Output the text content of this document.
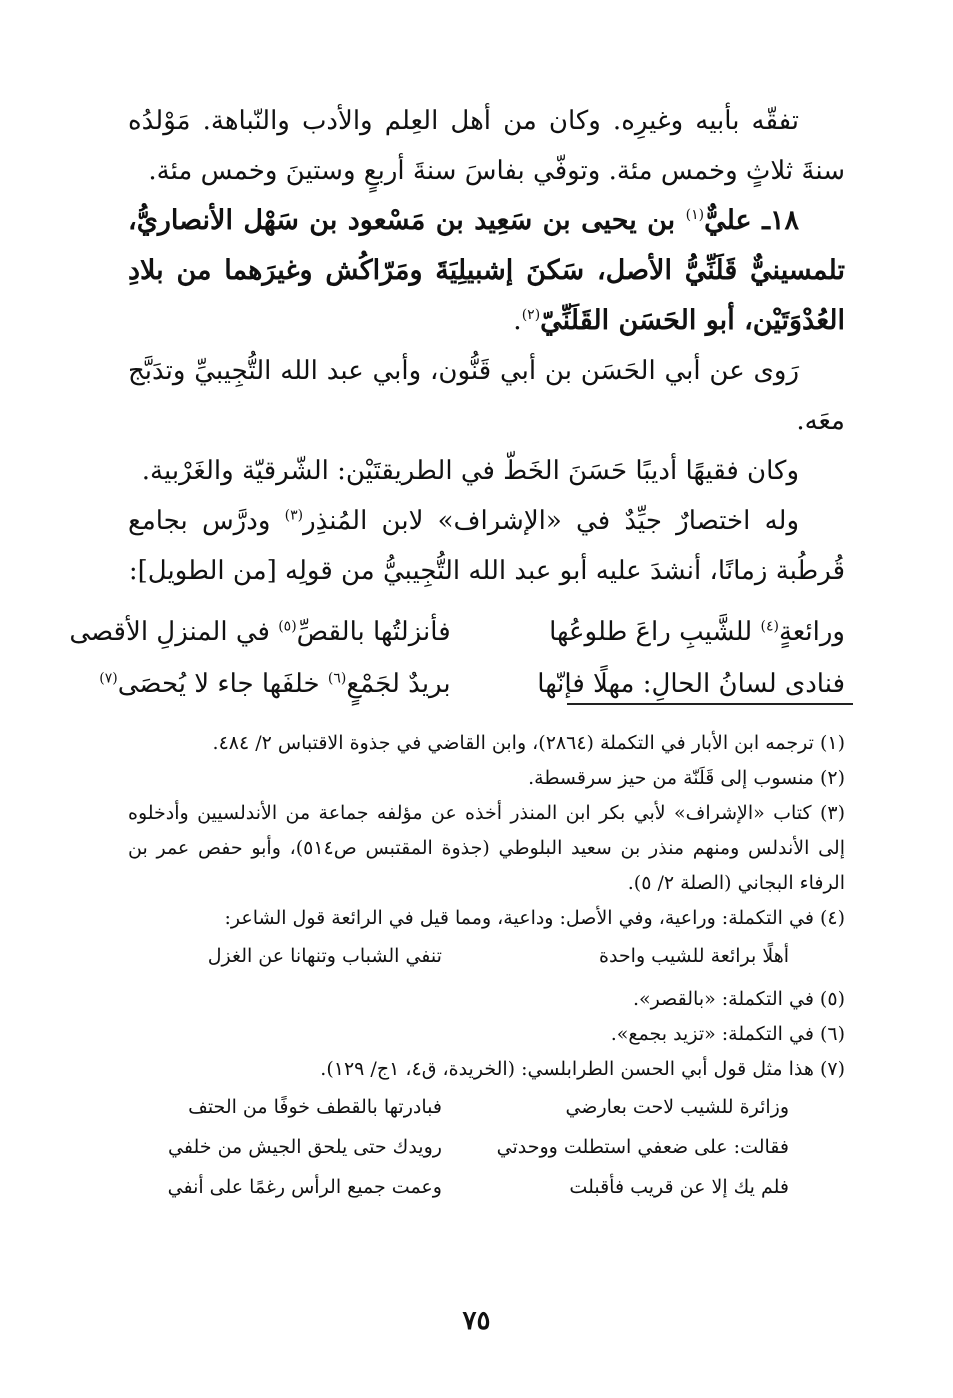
تفقّه بأبيه وغيرِه. وكان من أهل العِلم والأدب والنّباهة. مَوْلدُه سنةَ ثلاثٍ وخمس مئة. وتوفّي بفاسَ سنةَ أربعٍ وستينَ وخمس مئة.

١٨ـ عليٌّ$^{(١)}$ بن يحيى بن سَعِيد بن مَسْعود بن سَهْل الأنصاريُّ، تلمسينيٌّ قَلَنِّيُّ الأصل، سَكنَ إشبيلِيَةَ ومَرّاكُش وغيرَهما من بلادِ العُدْوَتَيْن، أبو الحَسَن القَلَنِّيّ$^{(٢)}$.

رَوى عن أبي الحَسَن بن أبي قَنُّون، وأبي عبد الله التُّجِيبيِّ وتدَبَّج معَه.

وكان فقيهًا أديبًا حَسَنَ الخَطّ في الطريقتَيْن: الشّرقيّة والغَرْبية.

وله اختصارٌ جيِّدٌ في «الإشراف» لابن المُنذِر$^{(٣)}$ ودرَّس بجامع قُرطُبة زمانًا، أنشدَ عليه أبو عبد الله التُّجِيبيُّ من قولِه [من الطويل]:

ورائعةٍ$^{(٤)}$ للشَّيبِ راعَ طلوعُها
فأنزلتُها بالقصِّ$^{(٥)}$ في المنزلِ الأقصى
فنادى لسانُ الحالِ: مهلًا فإنّها
بريدٌ لجَمْعٍ$^{(٦)}$ خلفَها جاء لا يُحصَى$^{(٧)}$

(١) ترجمه ابن الأبار في التكملة (٢٨٦٤)، وابن القاضي في جذوة الاقتباس ٢/ ٤٨٤.

(٢) منسوب إلى قَلَنّة من حيز سرقسطة.

(٣) كتاب «الإشراف» لأبي بكر ابن المنذر أخذه عن مؤلفه جماعة من الأندلسيين وأدخلوه إلى الأندلس ومنهم منذر بن سعيد البلوطي (جذوة المقتبس ص٥١٤)، وأبو حفص عمر بن الرفاء البجاني (الصلة ٢/ ٥).

(٤) في التكملة: وراعية، وفي الأصل: وداعية، ومما قيل في الرائعة قول الشاعر:

أهلًا برائعة للشيب واحدة
تنفي الشباب وتنهانا عن الغزل

(٥) في التكملة: «بالقصر».

(٦) في التكملة: «تزيد بجمع».

(٧) هذا مثل قول أبي الحسن الطرابلسي: (الخريدة، ق٤، ١ج/ ١٢٩).

وزائرة للشيب لاحت بعارضي
فبادرتها بالقطف خوفًا من الحتف
فقالت: على ضعفي استطلت ووحدتي
رويدك حتى يلحق الجيش من خلفي
فلم يك إلا عن قريب فأقبلت
وعمت جميع الرأس رغمًا على أنفي
٧٥
